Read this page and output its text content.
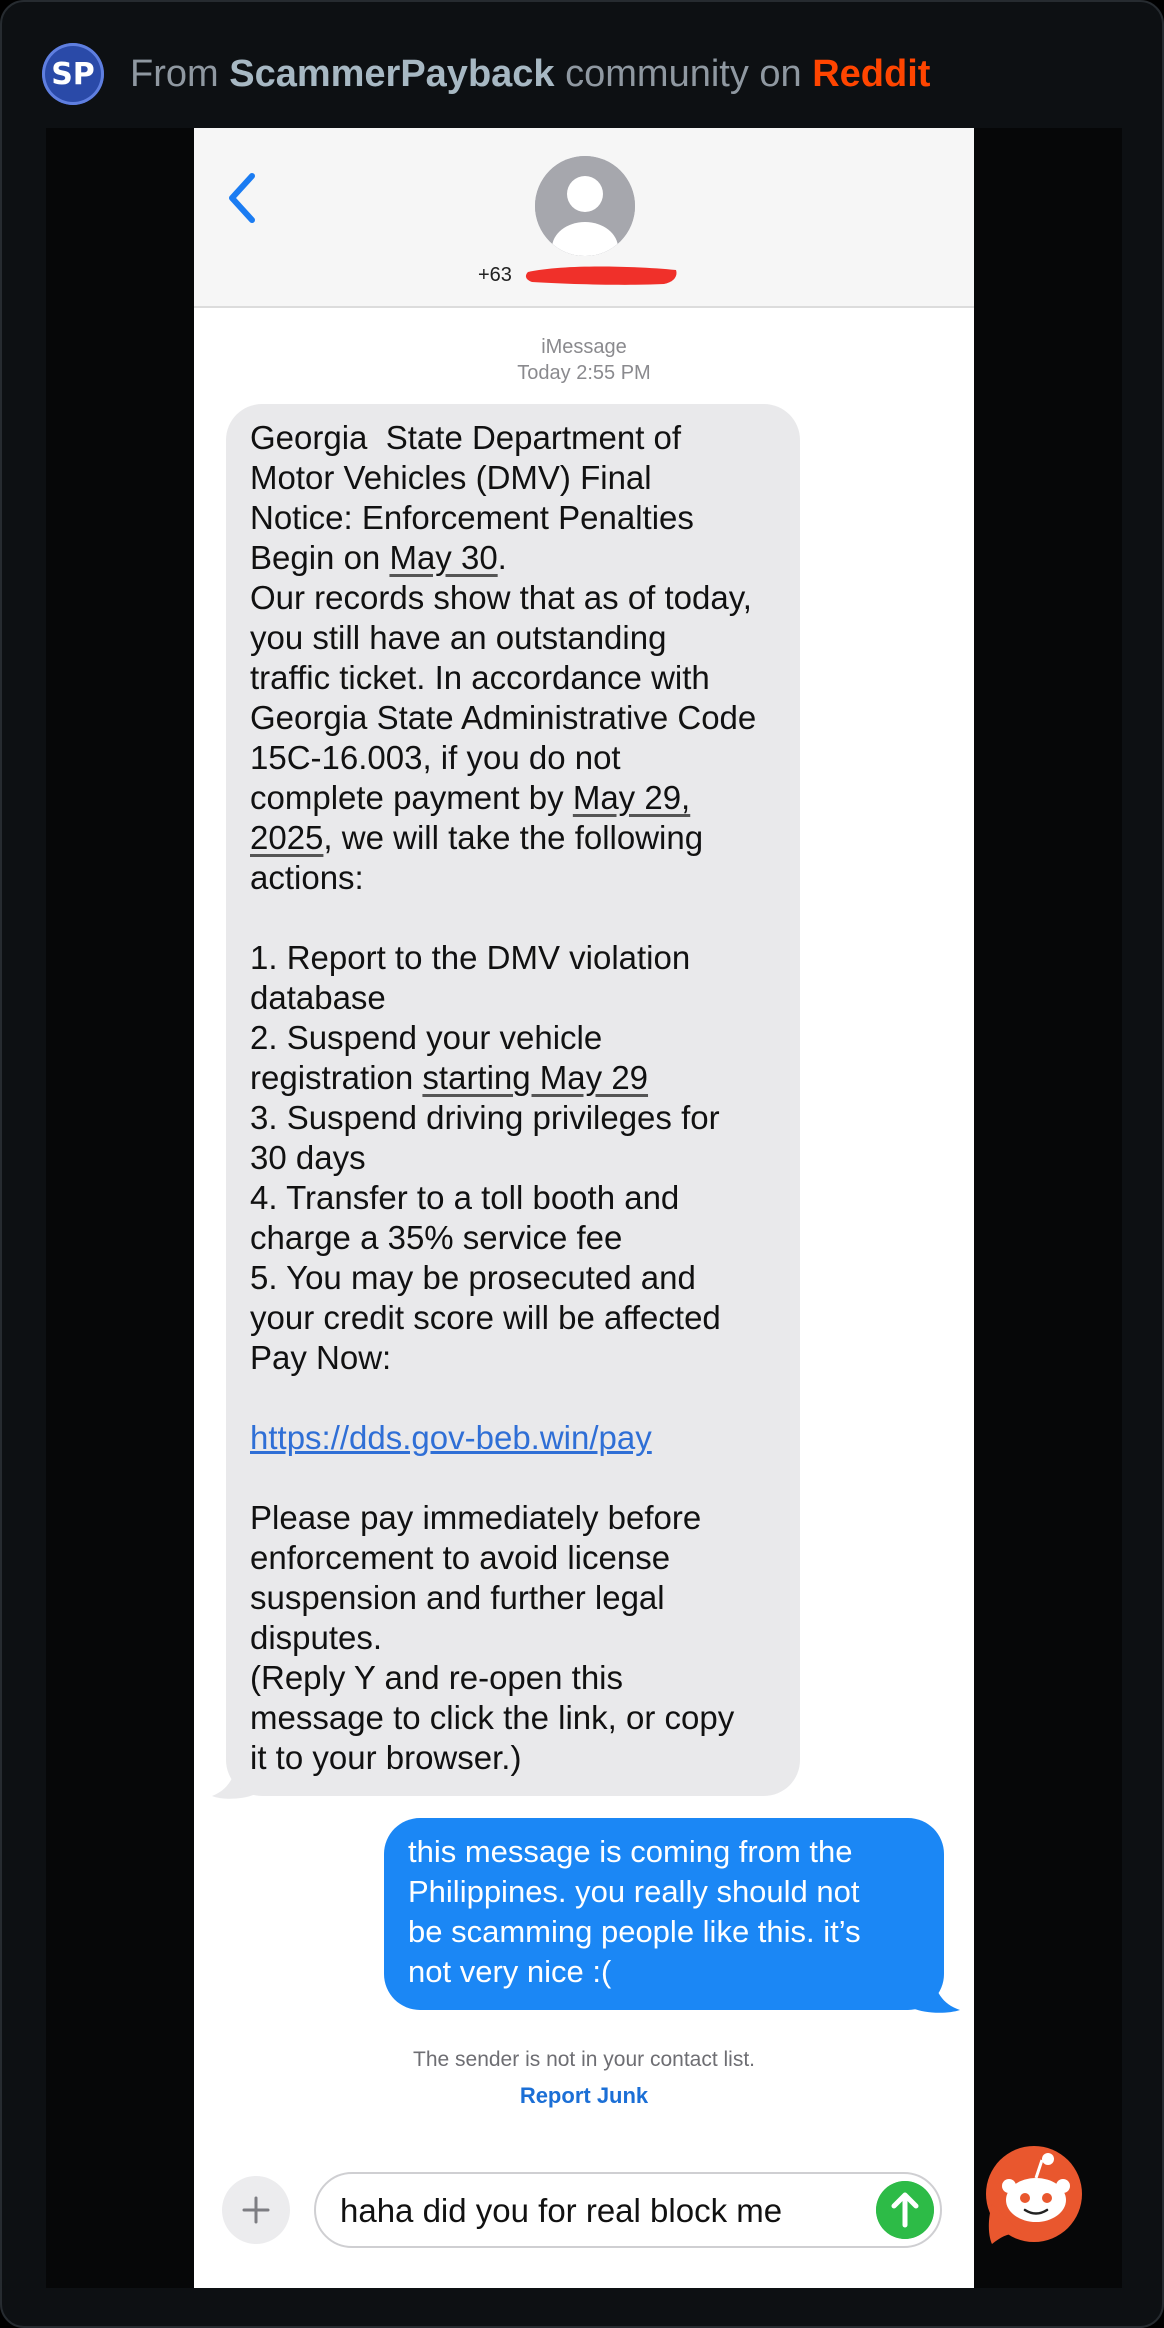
SP From ScammerPayback community on Reddit
+63
iMessage
Today 2:55 PM
Georgia  State Department of
Motor Vehicles (DMV) Final
Notice: Enforcement Penalties
Begin on May 30.
Our records show that as of today,
you still have an outstanding
traffic ticket. In accordance with
Georgia State Administrative Code
15C-16.003, if you do not
complete payment by May 29,
2025, we will take the following
actions:

1. Report to the DMV violation
database
2. Suspend your vehicle
registration starting May 29
3. Suspend driving privileges for
30 days
4. Transfer to a toll booth and
charge a 35% service fee
5. You may be prosecuted and
your credit score will be affected
Pay Now:

https://dds.gov-beb.win/pay

Please pay immediately before
enforcement to avoid license
suspension and further legal
disputes.
(Reply Y and re-open this
message to click the link, or copy
it to your browser.)
this message is coming from the
Philippines. you really should not
be scamming people like this. it’s
not very nice :(
The sender is not in your contact list.
Report Junk
haha did you for real block me
